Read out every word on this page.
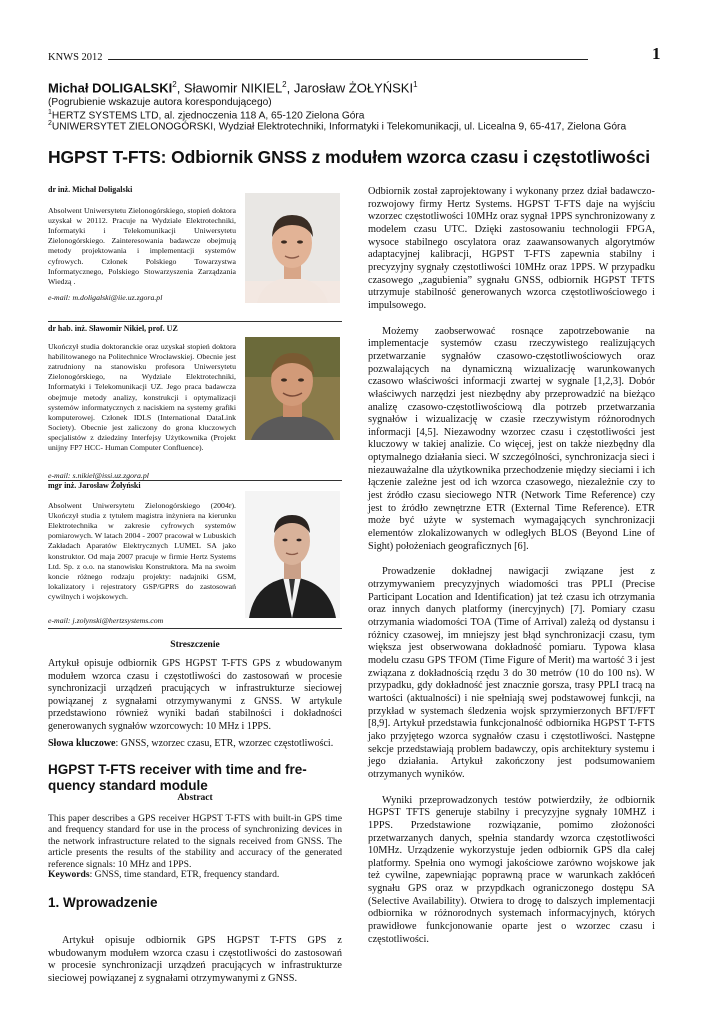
KNWS 2012	1
Michał DOLIGALSKI$^2$, Sławomir NIKIEL$^2$, Jarosław ŻOŁYŃSKI$^1$
(Pogrubienie wskazuje autora korespondującego)
$^1$HERTZ SYSTEMS LTD, al. zjednoczenia 118 A, 65-120 Zielona Góra
$^2$UNIWERSYTET ZIELONOGÓRSKI, Wydział Elektrotechniki, Informatyki i Telekomunikacji, ul. Licealna 9, 65-417, Zielona Góra
HGPST T-FTS: Odbiornik GNSS z modułem wzorca czasu i częstotliwości
dr inż. Michał Doligalski
Absolwent Uniwersytetu Zielonogórskiego, stopień doktora uzyskał w 20112. Pracuje na Wydziale Elektrotechniki, Informatyki i Telekomunikacji Uniwersytetu Zielonogórskiego. Zainteresowania badawcze obejmują metody projektowania i implementacji systemów cyfrowych. Członek Polskiego Towarzystwa Informatycznego, Polskiego Stowarzyszenia Zarządzania Wiedzą .
e-mail: m.doligalski@iie.uz.zgora.pl
dr hab. inż. Sławomir Nikiel, prof. UZ
Ukończył studia doktoranckie oraz uzyskał stopień doktora habilitowanego na Politechnice Wrocławskiej. Obecnie jest zatrudniony na stanowisku profesora Uniwersytetu Zielonogórskiego, na Wydziale Elektrotechniki, Informatyki i Telekomunikacji UZ. Jego praca badawcza obejmuje metody analizy, konstrukcji i optymalizacji systemów informatycznych z naciskiem na systemy grafiki komputerowej. Członek IDLS (International DataLink Society). Obecnie jest zaliczony do grona kluczowych specjalistów z dziedziny Interfejsy Użytkownika (Projekt unijny FP7 HCC- Human Computer Confluence).
e-mail: s.nikiel@issi.uz.zgora.pl
mgr inż. Jarosław Żołyński
Absolwent Uniwersytetu Zielonogórskiego (2004r). Ukończył studia z tytułem magistra inżyniera na kierunku Elektrotechnika w zakresie cyfrowych systemów pomiarowych. W latach 2004 - 2007 pracował w Lubuskich Zakładach Aparatów Elektrycznych LUMEL SA jako konstruktor. Od maja 2007 pracuje w firmie Hertz Systems Ltd. Sp. z o.o. na stanowisku Konstruktora. Ma na swoim koncie różnego rodzaju projekty: nadajniki GSM, lokalizatory i rejestratory GSP/GPRS do zastosowań cywilnych i wojskowych.
e-mail: j.zolynski@hertzsystems.com
Streszczenie
Artykuł opisuje odbiornik GPS HGPST T-FTS GPS z wbudowanym modułem wzorca czasu i częstotliwości do zastosowań w procesie synchronizacji urządzeń pracujących w infrastrukturze sieciowej powiązanej z sygnałami otrzymywanymi z GNSS. W artykule przedstawiono również wyniki badań stabilności i dokładności generowanych sygnałów wzorcowych: 10 MHz i 1PPS.
Słowa kluczowe: GNSS, wzorzec czasu, ETR, wzorzec częstotliwości.
HGPST T-FTS receiver with time and fre-
quency standard module
Abstract
This paper describes a GPS receiver HGPST T-FTS with built-in GPS time and frequency standard for use in the process of synchronizing devices in the network infrastructure related to the signals received from GNSS. The article presents the results of the stability and accuracy of the generated reference signals: 10 MHz and 1PPS.
Keywords: GNSS, time standard, ETR, frequency standard.
1. Wprowadzenie
Artykuł opisuje odbiornik GPS HGPST T-FTS GPS z wbudowanym modułem wzorca czasu i częstotliwości do zastosowań w procesie synchronizacji urządzeń pracujących w infrastrukturze sieciowej powiązanej z sygnałami otrzymywanymi z GNSS.

Odbiornik został zaprojektowany i wykonany przez dział badawczo-rozwojowy firmy Hertz Systems. HGPST T-FTS daje na wyjściu wzorzec częstotliwości 10MHz oraz sygnał 1PPS synchronizowany z modelem czasu UTC. Dzięki zastosowaniu technologii FPGA, wysoce stabilnego oscylatora oraz zaawansowanych algorytmów adaptacyjnej kalibracji, HGPST T-FTS zapewnia stabilny i precyzyjny sygnały częstotliwości 10MHz oraz 1PPS. W przypadku czasowego „zagubienia” sygnału GNSS, odbiornik HGPST TFTS utrzymuje stabilność generowanych wzorca częstotliwościowego i impulsowego.

Możemy zaobserwować rosnące zapotrzebowanie na implementacje systemów czasu rzeczywistego realizujących przetwarzanie sygnałów czasowo-częstotliwościowych oraz pozwalających na dynamiczną wizualizację warunkowanych czasowo właściwości informacji zwartej w sygnale [1,2,3]. Dobór właściwych narzędzi jest niezbędny aby przeprowadzić na bieżąco analizę czasowo-częstotliwościową dla potrzeb przetwarzania sygnałów i wizualizację w czasie rzeczywistym różnorodnych informacji [4,5]. Niezawodny wzorzec czasu i częstotliwości jest kluczowy w takiej analizie. Co więcej, jest on także niezbędny dla optymalnego działania sieci. W szczególności, synchronizacja sieci i niezauważalne dla użytkownika przechodzenie między sieciami i ich łączenie zależne jest od ich wzorca czasowego, niezależnie czy to jest źródło czasu sieciowego NTR (Network Time Reference) czy jest to źródło zewnętrzne ETR (External Time Reference). ETR może być użyte w systemach wymagających synchronizacji elementów zlokalizowanych w odległych BLOS (Beyond Line of Sight) położeniach geograficznych [6].

Prowadzenie dokładnej nawigacji związane jest z otrzymywaniem precyzyjnych wiadomości tras PPLI (Precise Participant Location and Identification) jat też czasu ich otrzymania oraz innych danych platformy (inercyjnych) [7]. Pomiary czasu otrzymania wiadomości TOA (Time of Arrival) zależą od dystansu i różnicy czasowej, im mniejszy jest błąd synchronizacji czasu, tym większa jest obserwowana dokładność pomiaru. Typowa klasa modelu czasu GPS TFOM (Time Figure of Merit) ma wartość 3 i jest związana z dokładnością rzędu 3 do 30 metrów (10 do 100 ns). W przypadku, gdy dokładność jest znacznie gorsza, trasy PPLI tracą na wartości (aktualności) i nie spełniają swej podstawowej funkcji, na przykład w systemach śledzenia wojsk sprzymierzonych BFT/FFT [8,9]. Artykuł przedstawia funkcjonalność odbiornika HGPST T-FTS jako przyjętego wzorca sygnałów czasu i częstotliwości. Następne sekcje przedstawiają problem badawczy, opis architektury systemu i jego działania. Artykuł zakończony jest podsumowaniem otrzymanych wyników.

Wyniki przeprowadzonych testów potwierdziły, że odbiornik HGPST TFTS generuje stabilny i precyzyjne sygnały 10MHZ i 1PPS. Przedstawione rozwiązanie, pomimo złożoności przetwarzanych danych, spełnia standardy wzorca częstotliwości 10MHz. Urządzenie wykorzystuje jeden odbiornik GPS dla całej platformy. Spełnia ono wymogi jakościowe zarówno wojskowe jak też cywilne, zapewniając poprawną prace w warunkach zakłóceń sygnału GPS oraz w przypdkach ograniczonego dostępu SA (Selective Availability). Otwiera to drogę to dalszych implementacji odbiornika w różnorodnych systemach informacyjnych, których prawidłowe funkcjonowanie oparte jest o wzorzec czasu i częstotliwości.
